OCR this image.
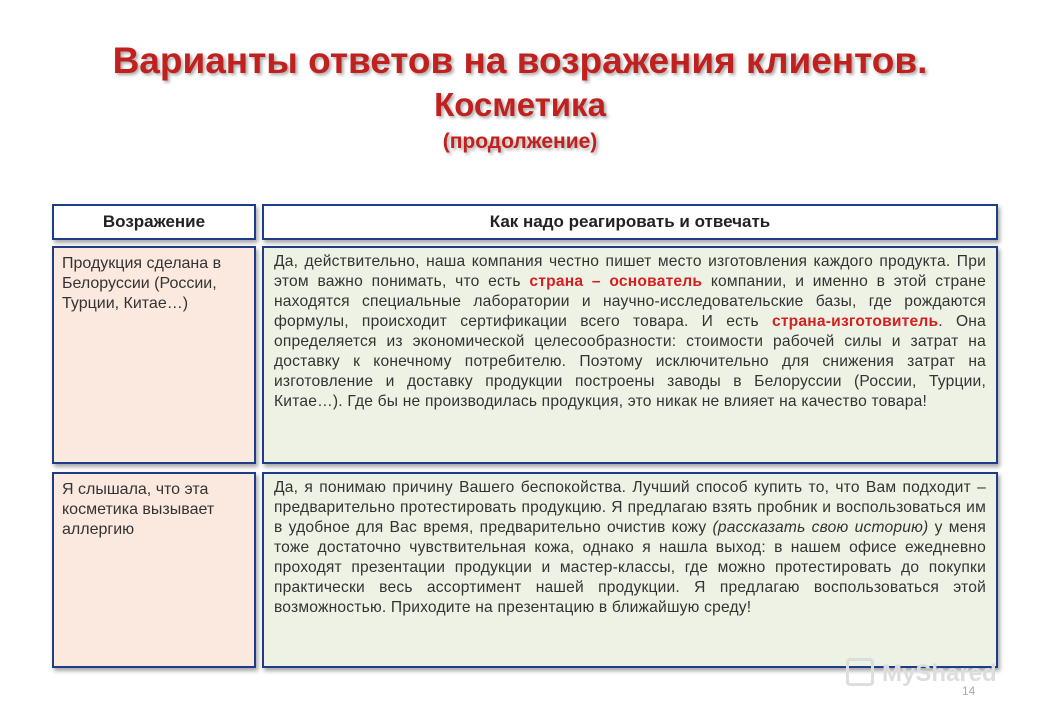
Варианты ответов на возражения клиентов.
Косметика
(продолжение)
Возражение	Как надо реагировать и отвечать
Продукция сделана в Белоруссии (России, Турции, Китае…)
Да, действительно, наша компания честно пишет место изготовления каждого продукта. При этом важно понимать, что есть страна – основатель компании, и именно в этой стране находятся специальные лаборатории и научно-исследовательские базы, где рождаются формулы, происходит сертификации всего товара. И есть страна-изготовитель. Она определяется из экономической целесообразности: стоимости рабочей силы и затрат на доставку к конечному потребителю. Поэтому исключительно для снижения затрат на изготовление и доставку продукции построены заводы в Белоруссии (России, Турции, Китае…). Где бы не производилась продукция, это никак не влияет на качество товара!
Я слышала, что эта косметика вызывает аллергию
Да, я понимаю причину Вашего беспокойства. Лучший способ купить то, что Вам подходит – предварительно протестировать продукцию. Я предлагаю взять пробник и воспользоваться им в удобное для Вас время, предварительно очистив кожу (рассказать свою историю) у меня тоже достаточно чувствительная кожа, однако я нашла выход: в нашем офисе ежедневно проходят презентации продукции и мастер-классы, где можно протестировать до покупки практически весь ассортимент нашей продукции. Я предлагаю воспользоваться этой возможностью. Приходите на презентацию в ближайшую среду!
MyShared
14
